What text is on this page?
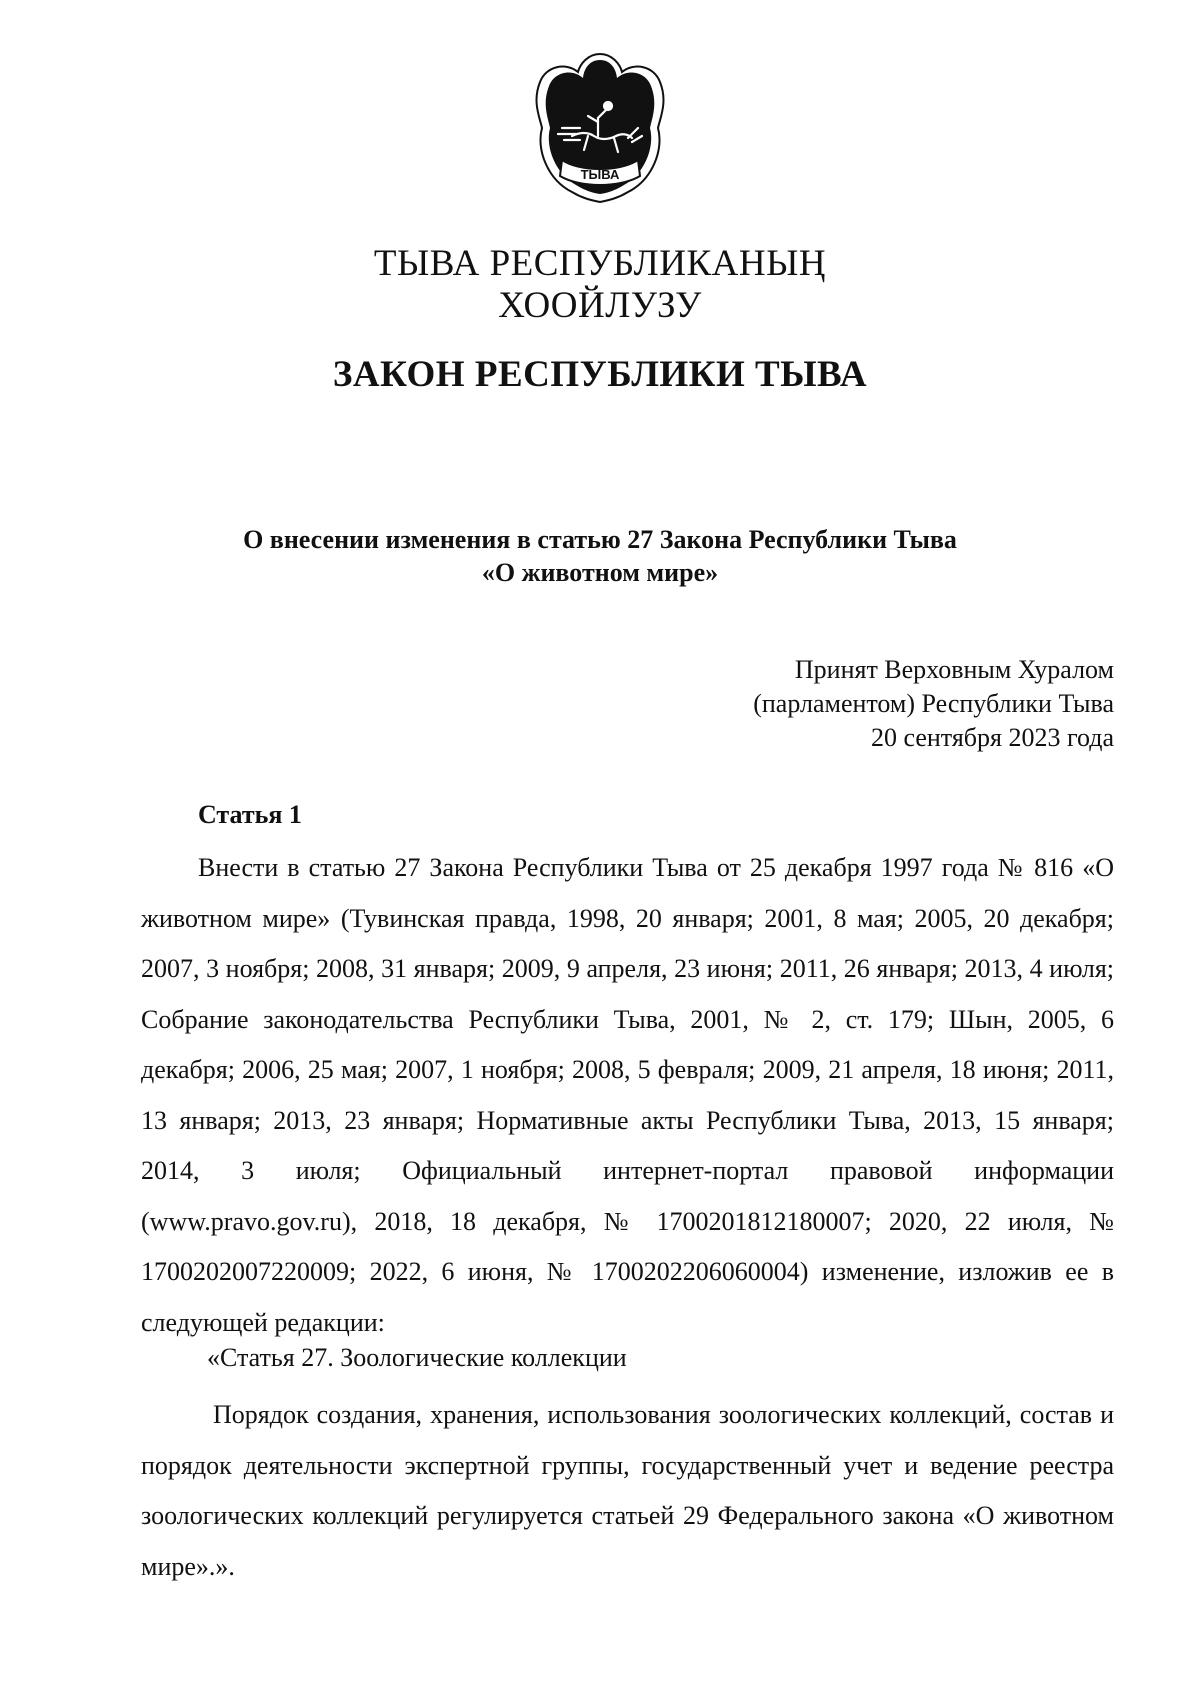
ТЫВА
ТЫВА РЕСПУБЛИКАНЫҢ
ХООЙЛУЗУ
ЗАКОН РЕСПУБЛИКИ ТЫВА
О внесении изменения в статью 27 Закона Республики Тыва
«О животном мире»
Принят Верховным Хуралом
(парламентом) Республики Тыва
20 сентября 2023 года
Статья 1
Внести в статью 27 Закона Республики Тыва от 25 декабря 1997 года № 816 «О животном мире» (Тувинская правда, 1998, 20 января; 2001, 8 мая; 2005, 20 декабря; 2007, 3 ноября; 2008, 31 января; 2009, 9 апреля, 23 июня; 2011, 26 января; 2013, 4 июля; Собрание законодательства Республики Тыва, 2001, № 2, ст. 179; Шын, 2005, 6 декабря; 2006, 25 мая; 2007, 1 ноября; 2008, 5 февраля; 2009, 21 апреля, 18 июня; 2011, 13 января; 2013, 23 января; Нормативные акты Республики Тыва, 2013, 15 января; 2014, 3 июля; Официальный интернет-портал правовой информации (www.pravo.gov.ru), 2018, 18 декабря, № 1700201812180007; 2020, 22 июля, № 1700202007220009; 2022, 6 июня, № 1700202206060004) изменение, изложив ее в следующей редакции:
«Статья 27. Зоологические коллекции
Порядок создания, хранения, использования зоологических коллекций, состав и порядок деятельности экспертной группы, государственный учет и ведение реестра зоологических коллекций регулируется статьей 29 Федерального закона «О животном мире».».
